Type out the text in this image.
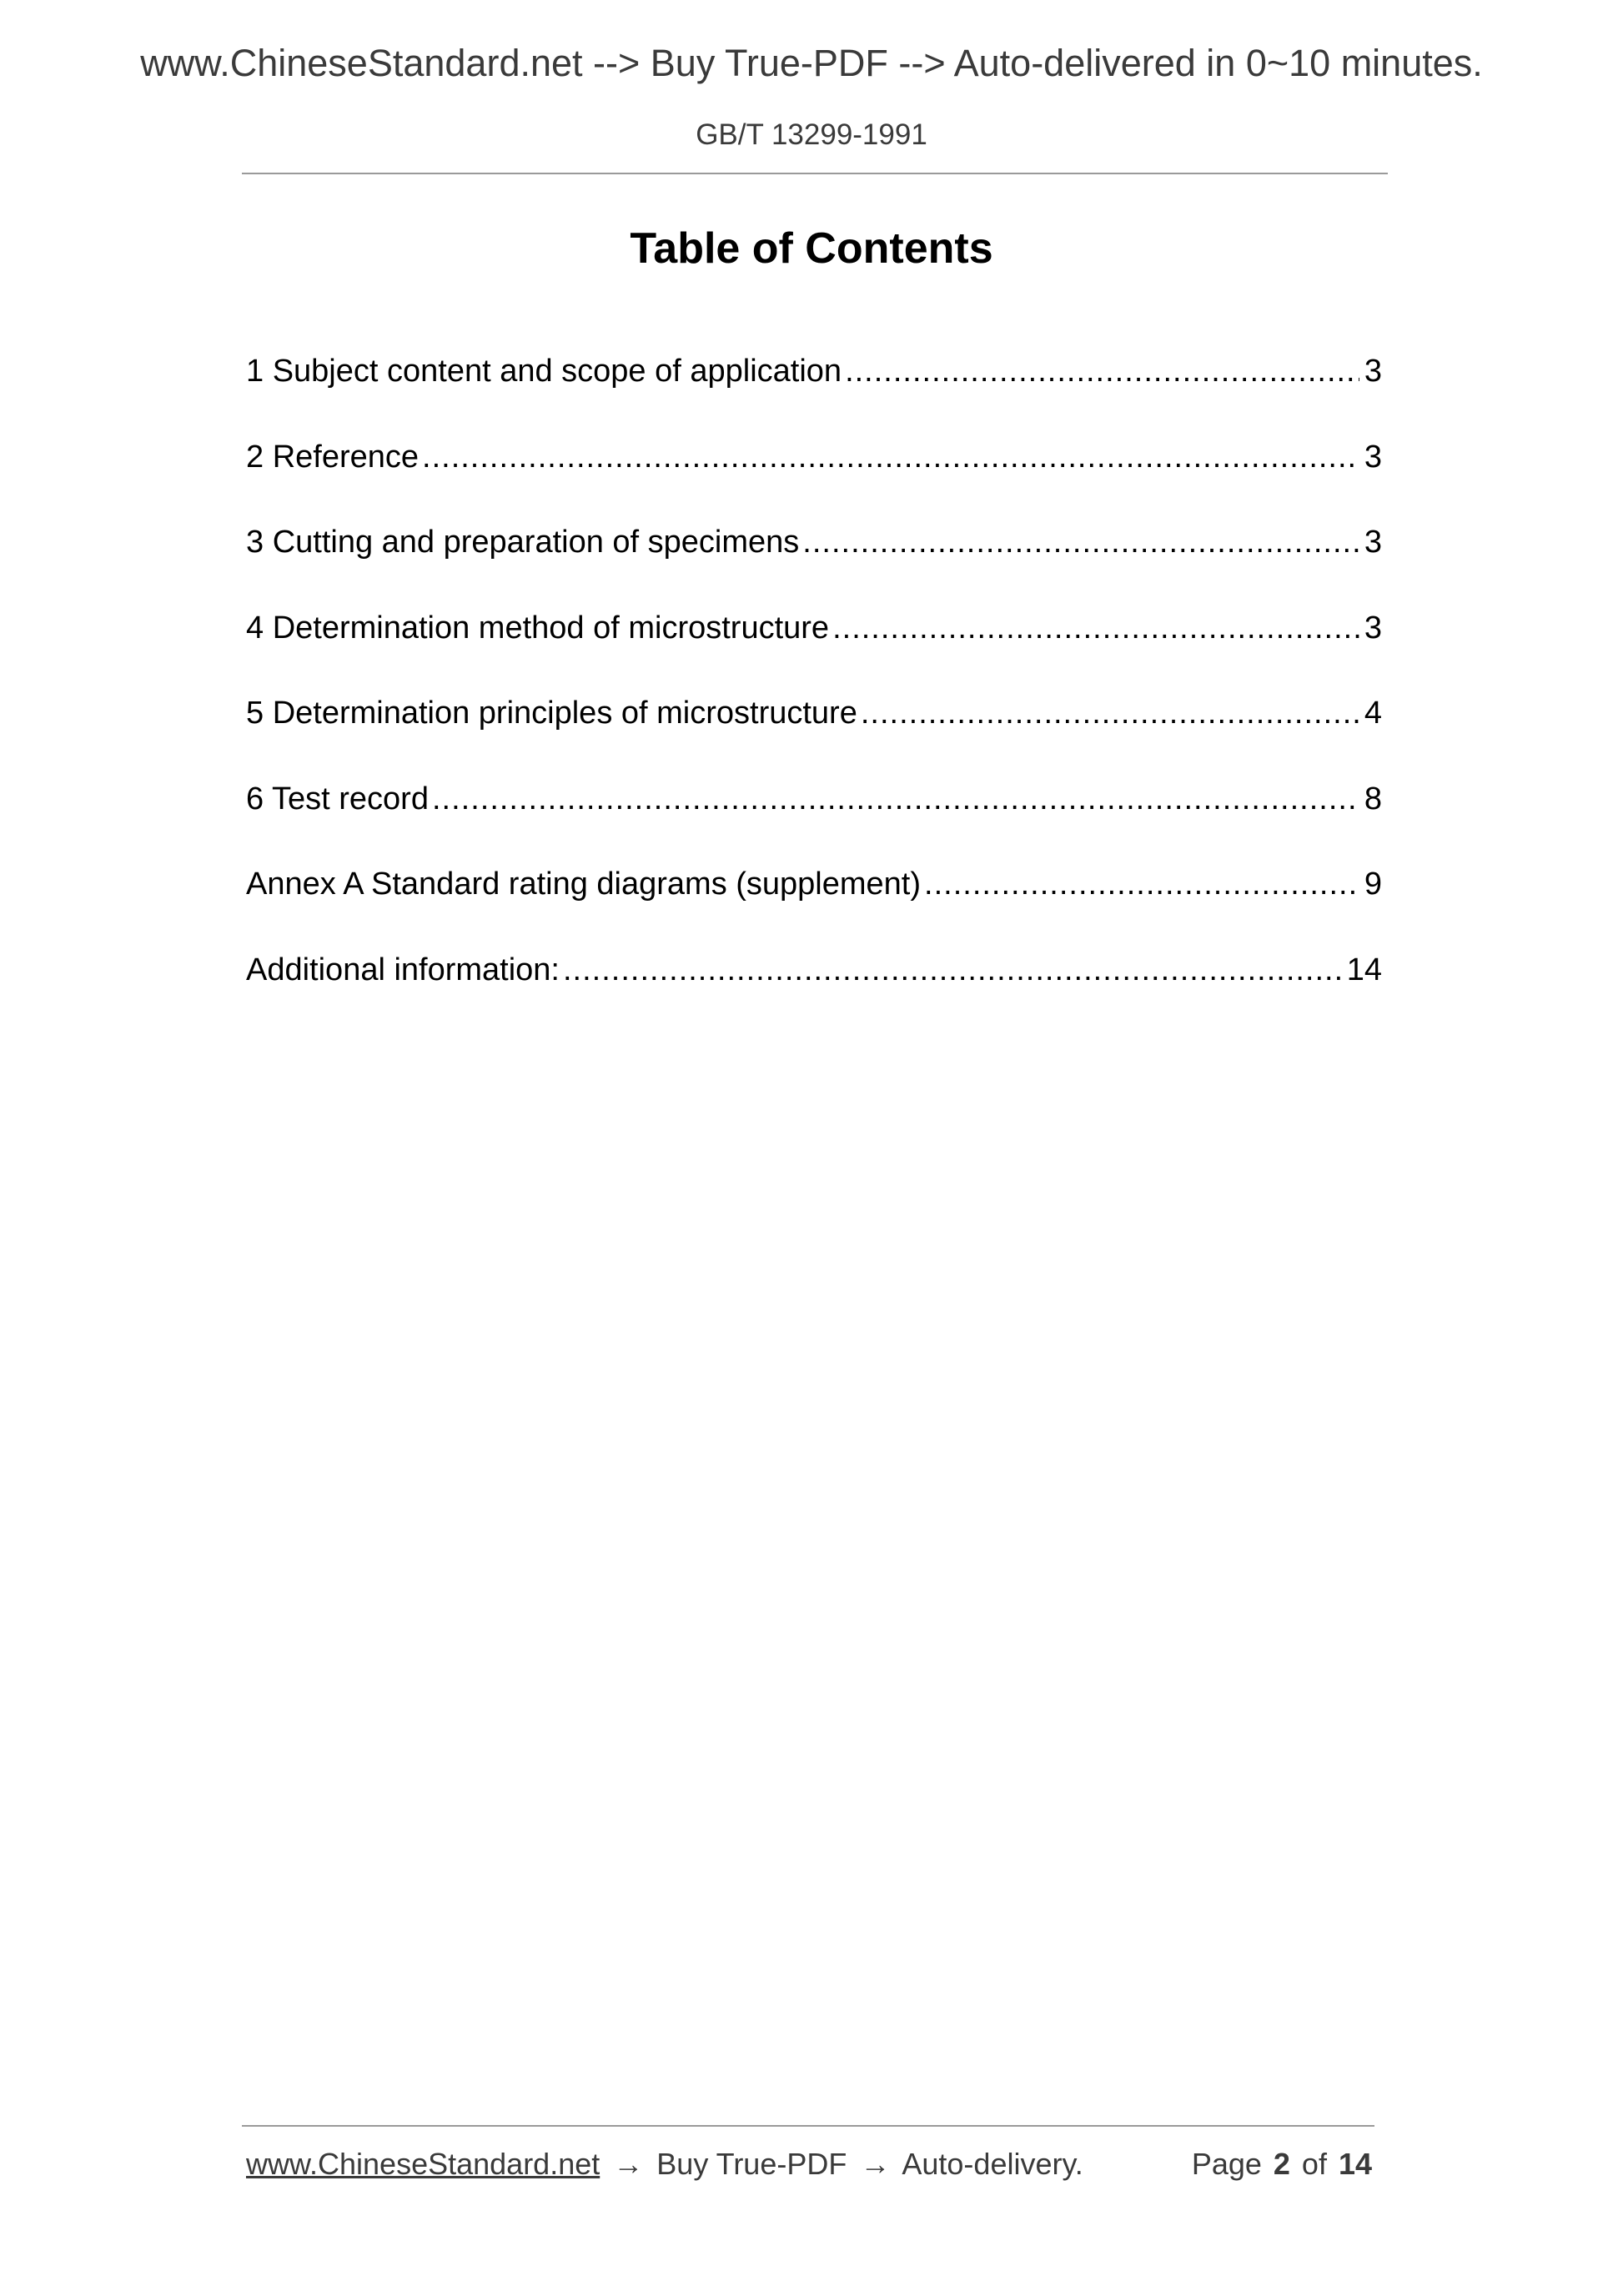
www.ChineseStandard.net --> Buy True-PDF --> Auto-delivered in 0~10 minutes.
GB/T 13299-1991
Table of Contents
1 Subject content and scope of application .....	3
2 Reference .....	3
3 Cutting and preparation of specimens .....	3
4 Determination method of microstructure .....	3
5 Determination principles of microstructure .....	4
6 Test record .....	8
Annex A Standard rating diagrams (supplement) .....	9
Additional information: .....	14
www.ChineseStandard.net → Buy True-PDF → Auto-delivery.	Page 2 of 14
